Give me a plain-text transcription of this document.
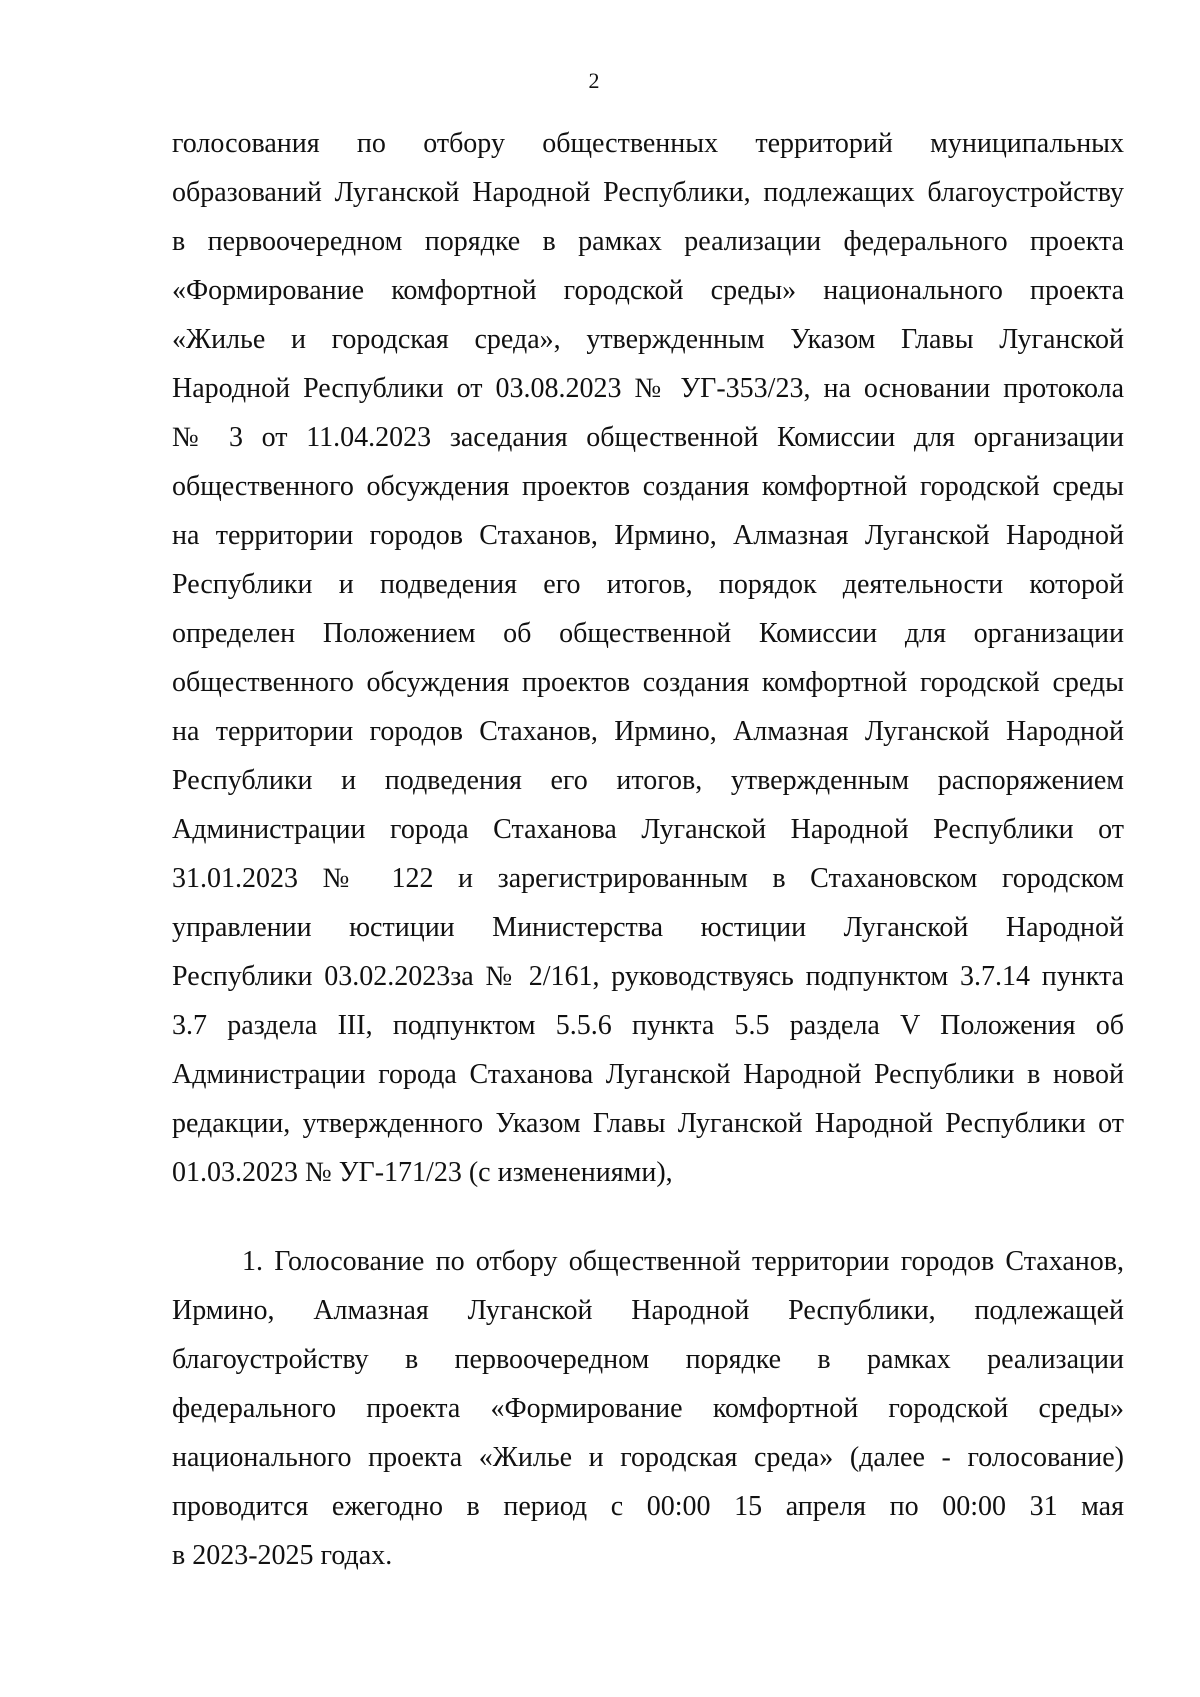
2
голосования по отбору общественных территорий муниципальных
образований Луганской Народной Республики, подлежащих благоустройству
в первоочередном порядке в рамках реализации федерального проекта
«Формирование комфортной городской среды» национального проекта
«Жилье и городская среда», утвержденным Указом Главы Луганской
Народной Республики от 03.08.2023 № УГ-353/23, на основании протокола
№ 3 от 11.04.2023 заседания общественной Комиссии для организации
общественного обсуждения проектов создания комфортной городской среды
на территории городов Стаханов, Ирмино, Алмазная Луганской Народной
Республики и подведения его итогов, порядок деятельности которой
определен Положением об общественной Комиссии для организации
общественного обсуждения проектов создания комфортной городской среды
на территории городов Стаханов, Ирмино, Алмазная Луганской Народной
Республики и подведения его итогов, утвержденным распоряжением
Администрации города Стаханова Луганской Народной Республики от
31.01.2023 № 122 и зарегистрированным в Стахановском городском
управлении юстиции Министерства юстиции Луганской Народной
Республики 03.02.2023за № 2/161, руководствуясь подпунктом 3.7.14 пункта
3.7 раздела III, подпунктом 5.5.6 пункта 5.5 раздела V Положения об
Администрации города Стаханова Луганской Народной Республики в новой
редакции, утвержденного Указом Главы Луганской Народной Республики от
01.03.2023 № УГ-171/23 (с изменениями),
1. Голосование по отбору общественной территории городов Стаханов,
Ирмино, Алмазная Луганской Народной Республики, подлежащей
благоустройству в первоочередном порядке в рамках реализации
федерального проекта «Формирование комфортной городской среды»
национального проекта «Жилье и городская среда» (далее - голосование)
проводится ежегодно в период с 00:00 15 апреля по 00:00 31 мая
в 2023-2025 годах.
